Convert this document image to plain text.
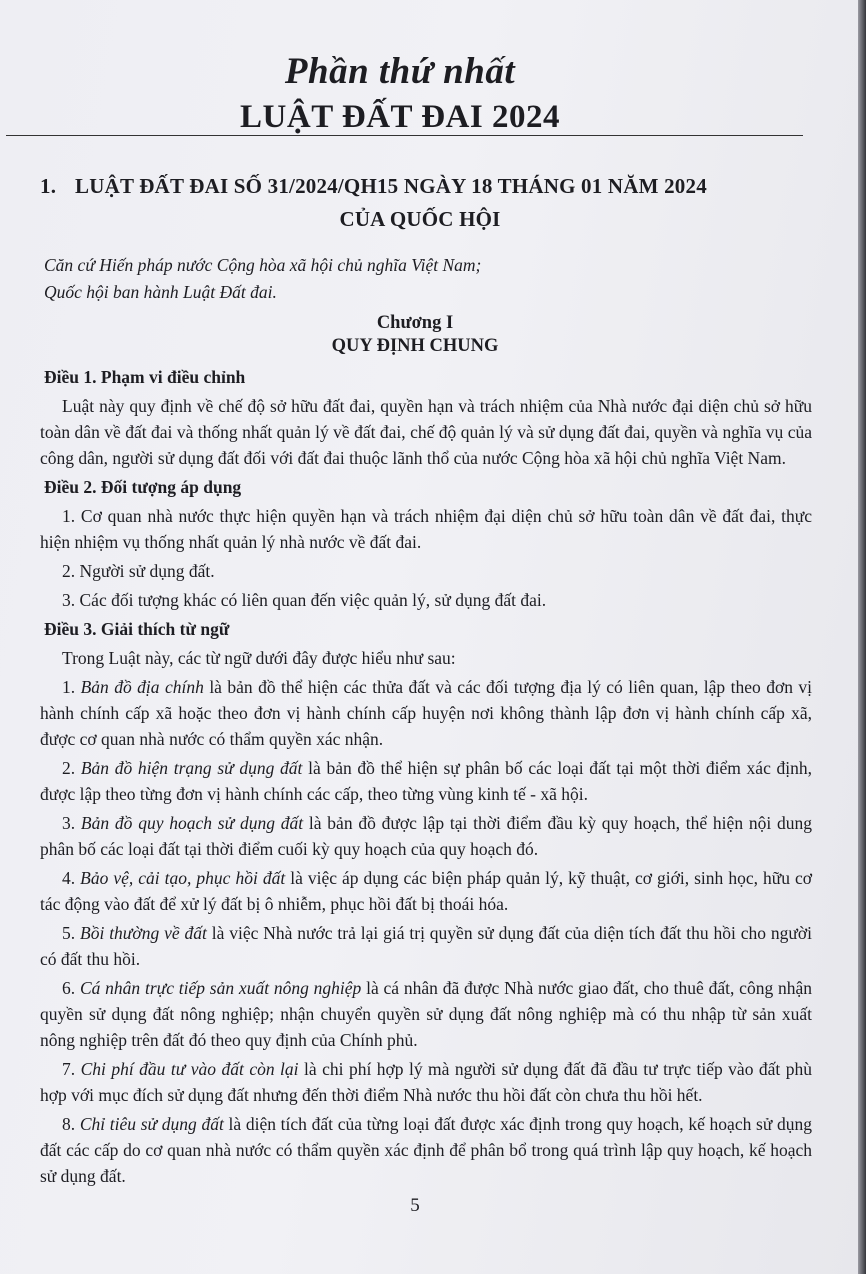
Phần thứ nhất
LUẬT ĐẤT ĐAI 2024
1. LUẬT ĐẤT ĐAI SỐ 31/2024/QH15 NGÀY 18 THÁNG 01 NĂM 2024
CỦA QUỐC HỘI
Căn cứ Hiến pháp nước Cộng hòa xã hội chủ nghĩa Việt Nam;
Quốc hội ban hành Luật Đất đai.
Chương I
QUY ĐỊNH CHUNG
Điều 1. Phạm vi điều chỉnh

Luật này quy định về chế độ sở hữu đất đai, quyền hạn và trách nhiệm của Nhà nước đại diện chủ sở hữu toàn dân về đất đai và thống nhất quản lý về đất đai, chế độ quản lý và sử dụng đất đai, quyền và nghĩa vụ của công dân, người sử dụng đất đối với đất đai thuộc lãnh thổ của nước Cộng hòa xã hội chủ nghĩa Việt Nam.

Điều 2. Đối tượng áp dụng

1. Cơ quan nhà nước thực hiện quyền hạn và trách nhiệm đại diện chủ sở hữu toàn dân về đất đai, thực hiện nhiệm vụ thống nhất quản lý nhà nước về đất đai.

2. Người sử dụng đất.

3. Các đối tượng khác có liên quan đến việc quản lý, sử dụng đất đai.

Điều 3. Giải thích từ ngữ

Trong Luật này, các từ ngữ dưới đây được hiểu như sau:

1. Bản đồ địa chính là bản đồ thể hiện các thửa đất và các đối tượng địa lý có liên quan, lập theo đơn vị hành chính cấp xã hoặc theo đơn vị hành chính cấp huyện nơi không thành lập đơn vị hành chính cấp xã, được cơ quan nhà nước có thẩm quyền xác nhận.

2. Bản đồ hiện trạng sử dụng đất là bản đồ thể hiện sự phân bố các loại đất tại một thời điểm xác định, được lập theo từng đơn vị hành chính các cấp, theo từng vùng kinh tế - xã hội.

3. Bản đồ quy hoạch sử dụng đất là bản đồ được lập tại thời điểm đầu kỳ quy hoạch, thể hiện nội dung phân bố các loại đất tại thời điểm cuối kỳ quy hoạch của quy hoạch đó.

4. Bảo vệ, cải tạo, phục hồi đất là việc áp dụng các biện pháp quản lý, kỹ thuật, cơ giới, sinh học, hữu cơ tác động vào đất để xử lý đất bị ô nhiễm, phục hồi đất bị thoái hóa.

5. Bồi thường về đất là việc Nhà nước trả lại giá trị quyền sử dụng đất của diện tích đất thu hồi cho người có đất thu hồi.

6. Cá nhân trực tiếp sản xuất nông nghiệp là cá nhân đã được Nhà nước giao đất, cho thuê đất, công nhận quyền sử dụng đất nông nghiệp; nhận chuyển quyền sử dụng đất nông nghiệp mà có thu nhập từ sản xuất nông nghiệp trên đất đó theo quy định của Chính phủ.

7. Chi phí đầu tư vào đất còn lại là chi phí hợp lý mà người sử dụng đất đã đầu tư trực tiếp vào đất phù hợp với mục đích sử dụng đất nhưng đến thời điểm Nhà nước thu hồi đất còn chưa thu hồi hết.

8. Chỉ tiêu sử dụng đất là diện tích đất của từng loại đất được xác định trong quy hoạch, kế hoạch sử dụng đất các cấp do cơ quan nhà nước có thẩm quyền xác định để phân bổ trong quá trình lập quy hoạch, kế hoạch sử dụng đất.

5
